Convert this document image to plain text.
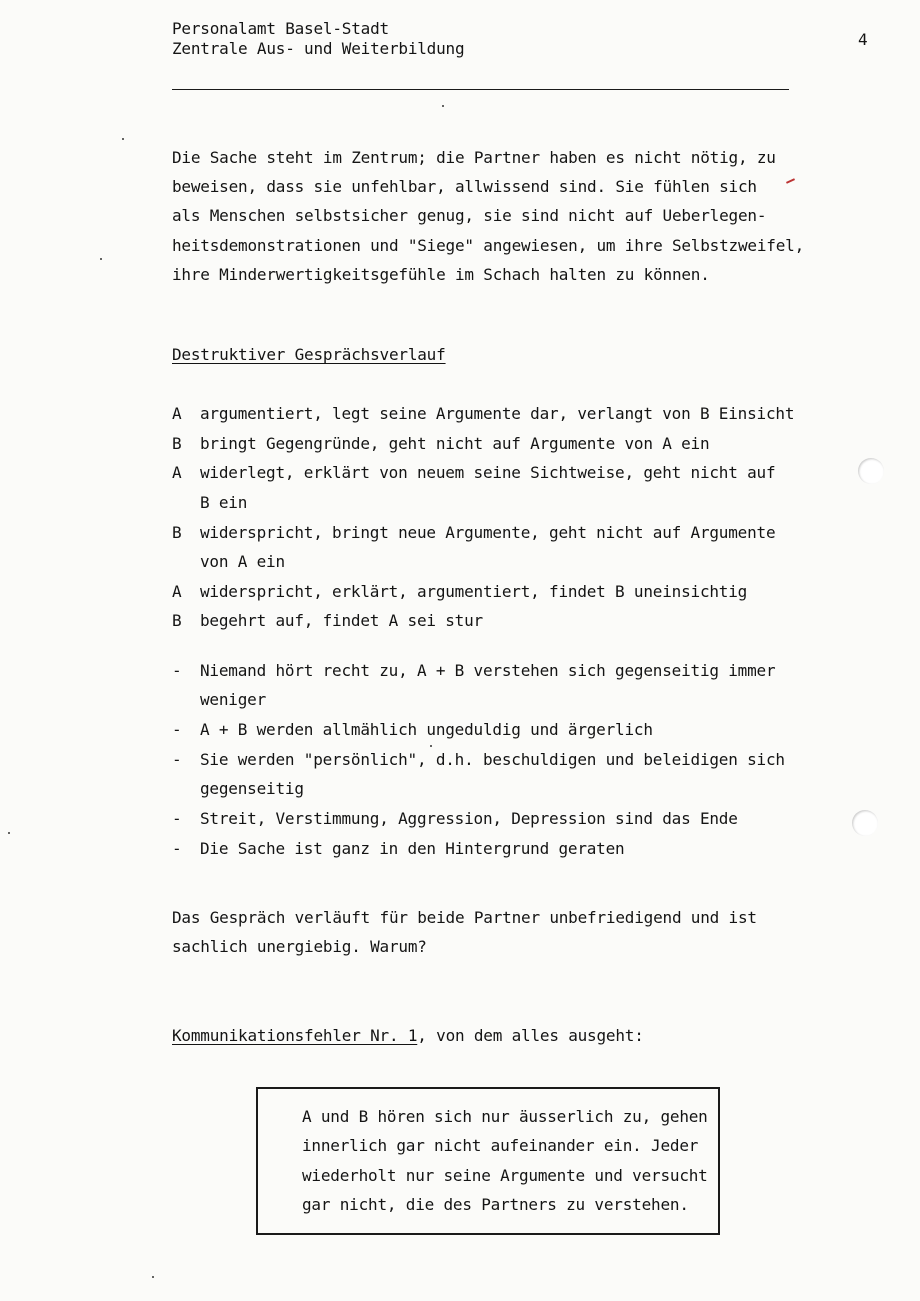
Personalamt Basel-Stadt
Zentrale Aus- und Weiterbildung	4
Die Sache steht im Zentrum; die Partner haben es nicht nötig, zu
beweisen, dass sie unfehlbar, allwissend sind. Sie fühlen sich
als Menschen selbstsicher genug, sie sind nicht auf Ueberlegen-
heitsdemonstrationen und "Siege" angewiesen, um ihre Selbstzweifel,
ihre Minderwertigkeitsgefühle im Schach halten zu können.
Destruktiver Gesprächsverlauf
A argumentiert, legt seine Argumente dar, verlangt von B Einsicht
B bringt Gegengründe, geht nicht auf Argumente von A ein
A widerlegt, erklärt von neuem seine Sichtweise, geht nicht auf
B ein
B widerspricht, bringt neue Argumente, geht nicht auf Argumente
von A ein
A widerspricht, erklärt, argumentiert, findet B uneinsichtig
B begehrt auf, findet A sei stur
- Niemand hört recht zu, A + B verstehen sich gegenseitig immer
weniger
- A + B werden allmählich ungeduldig und ärgerlich
- Sie werden "persönlich", d.h. beschuldigen und beleidigen sich
gegenseitig
- Streit, Verstimmung, Aggression, Depression sind das Ende
- Die Sache ist ganz in den Hintergrund geraten
Das Gespräch verläuft für beide Partner unbefriedigend und ist
sachlich unergiebig. Warum?
Kommunikationsfehler Nr. 1, von dem alles ausgeht:
A und B hören sich nur äusserlich zu, gehen
innerlich gar nicht aufeinander ein. Jeder
wiederholt nur seine Argumente und versucht
gar nicht, die des Partners zu verstehen.
